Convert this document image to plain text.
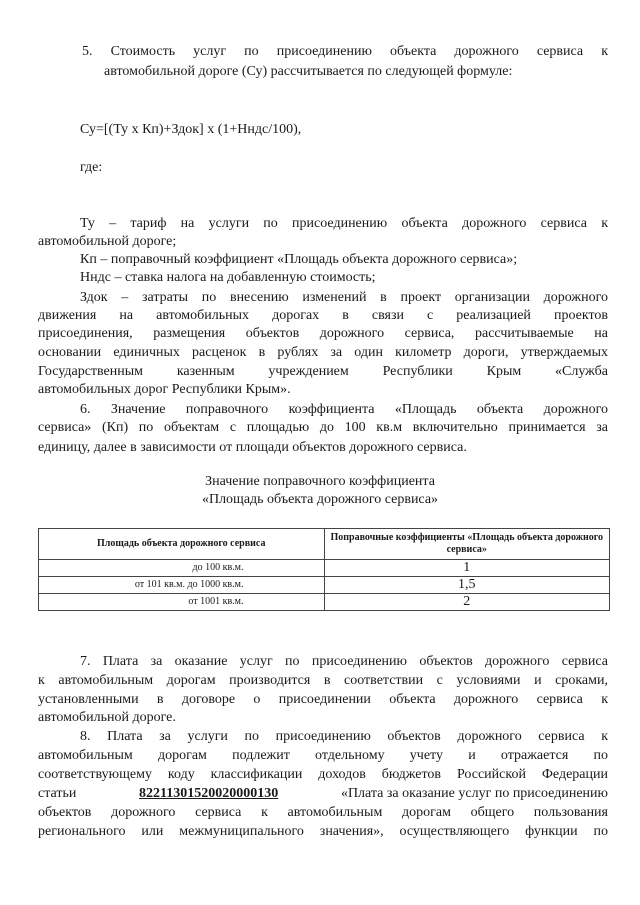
5. Стоимость услуг по присоединению объекта дорожного сервиса к
автомобильной дороге (Су) рассчитывается по следующей формуле:
Су=[(Ту х Кп)+Здок] х (1+Нндс/100),
где:
Ту – тариф на услуги по присоединению объекта дорожного сервиса к
автомобильной дороге;
Кп – поправочный коэффициент «Площадь объекта дорожного сервиса»;
Нндс – ставка налога на добавленную стоимость;
Здок – затраты по внесению изменений в проект организации дорожного
движения на автомобильных дорогах в связи с реализацией проектов
присоединения, размещения объектов дорожного сервиса, рассчитываемые на
основании единичных расценок в рублях за один километр дороги, утверждаемых
Государственным казенным учреждением Республики Крым «Служба
автомобильных дорог Республики Крым».
6. Значение поправочного коэффициента «Площадь объекта дорожного
сервиса» (Кп) по объектам с площадью до 100 кв.м включительно принимается за
единицу, далее в зависимости от площади объектов дорожного сервиса.
Значение поправочного коэффициента
«Площадь объекта дорожного сервиса»
Площадь объекта дорожного сервиса	Поправочные коэффициенты «Площадь объекта дорожного сервиса»
до 100 кв.м.	1
от 101 кв.м. до 1000 кв.м.	1,5
от 1001 кв.м.	2
7. Плата за оказание услуг по присоединению объектов дорожного сервиса
к автомобильным дорогам производится в соответствии с условиями и сроками,
установленными в договоре о присоединении объекта дорожного сервиса к
автомобильной дороге.
8. Плата за услуги по присоединению объектов дорожного сервиса к
автомобильным дорогам подлежит отдельному учету и отражается по
соответствующему коду классификации доходов бюджетов Российской Федерации
статьи	82211301520020000130	«Плата за оказание услуг по присоединению
объектов дорожного сервиса к автомобильным дорогам общего пользования
регионального или межмуниципального значения», осуществляющего функции по
